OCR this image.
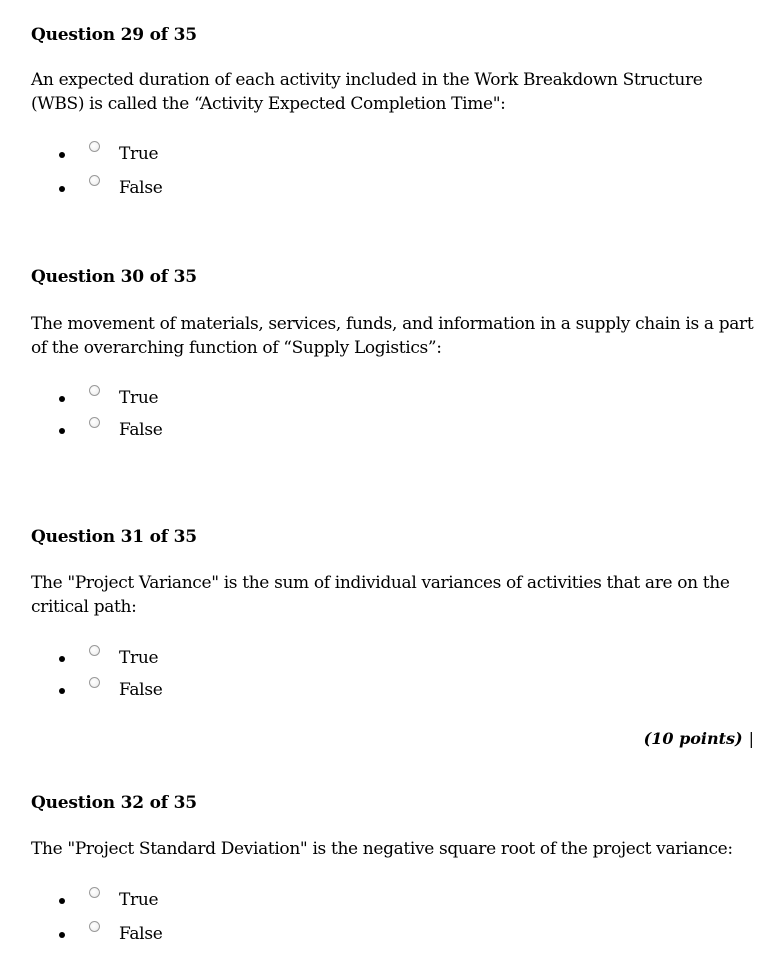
Question 29 of 35

An expected duration of each activity included in the Work Breakdown Structure (WBS) is called the “Activity Expected Completion Time":

True
False

Question 30 of 35

The movement of materials, services, funds, and information in a supply chain is a part of the overarching function of “Supply Logistics”:

True
False

Question 31 of 35

The "Project Variance" is the sum of individual variances of activities that are on the critical path:

True
False
(10 points) |

Question 32 of 35

The "Project Standard Deviation" is the negative square root of the project variance:

True
False
